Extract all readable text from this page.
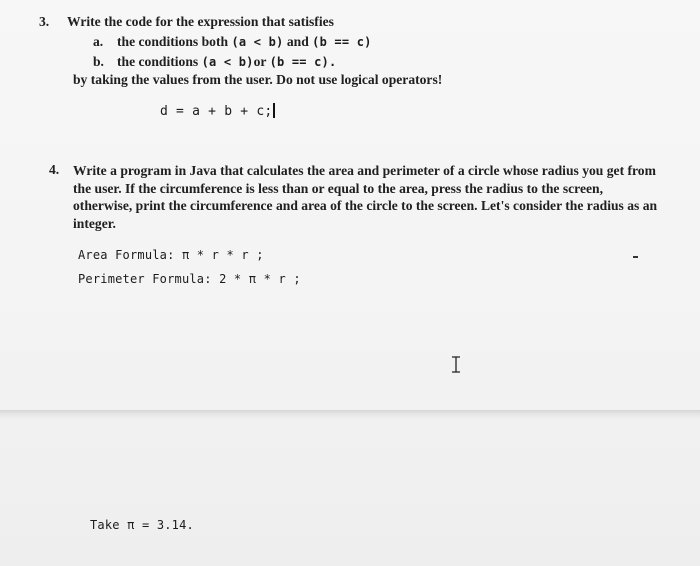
3. Write the code for the expression that satisfies
a. the conditions both (a < b) and (b == c)
b. the conditions (a < b)or (b == c).
by taking the values from the user. Do not use logical operators!
d = a + b + c;
4. Write a program in Java that calculates the area and perimeter of a circle whose radius you get from the user. If the circumference is less than or equal to the area, press the radius to the screen, otherwise, print the circumference and area of the circle to the screen. Let's consider the radius as an integer.
Area Formula: π * r * r ;
Perimeter Formula: 2 * π * r ;
Take π = 3.14.
